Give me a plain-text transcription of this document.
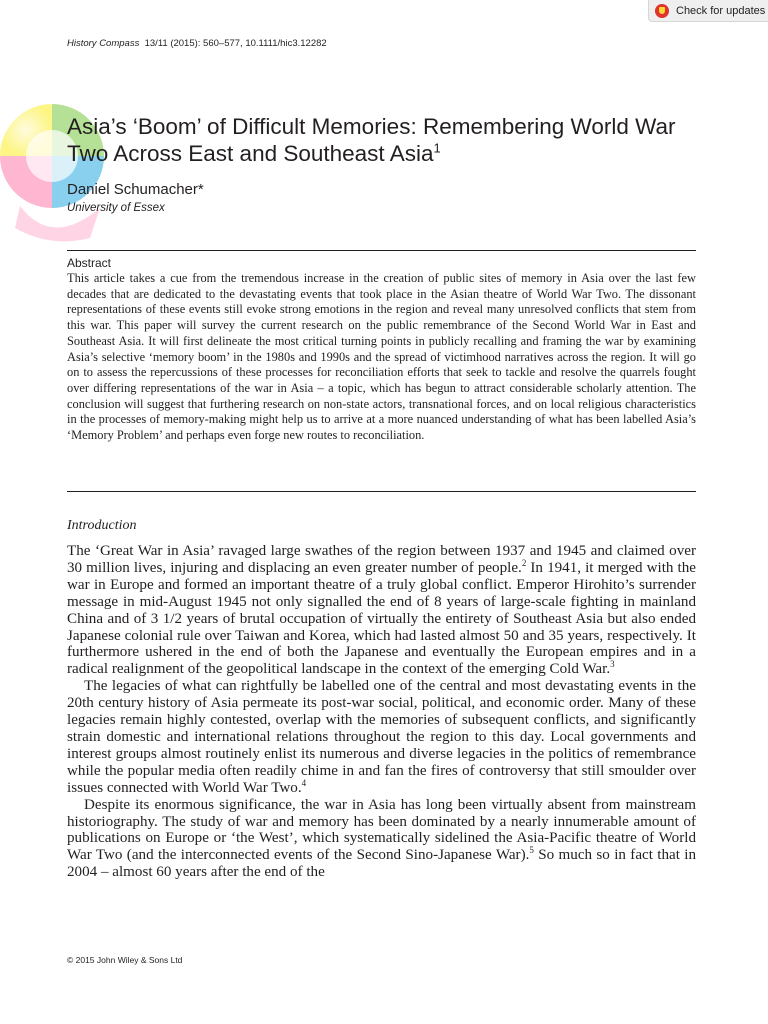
Check for updates
History Compass 13/11 (2015): 560–577, 10.1111/hic3.12282
Asia’s ‘Boom’ of Difficult Memories: Remembering World War Two Across East and Southeast Asia$^1$
Daniel Schumacher*
University of Essex
Abstract

This article takes a cue from the tremendous increase in the creation of public sites of memory in Asia over the last few decades that are dedicated to the devastating events that took place in the Asian theatre of World War Two. The dissonant representations of these events still evoke strong emotions in the region and reveal many unresolved conflicts that stem from this war. This paper will survey the current research on the public remembrance of the Second World War in East and Southeast Asia. It will first delineate the most critical turning points in publicly recalling and framing the war by examining Asia’s selective ‘memory boom’ in the 1980s and 1990s and the spread of victimhood narratives across the region. It will go on to assess the repercussions of these processes for reconciliation efforts that seek to tackle and resolve the quarrels fought over differing representations of the war in Asia – a topic, which has begun to attract considerable scholarly attention. The conclusion will suggest that furthering research on non-state actors, transnational forces, and on local religious characteristics in the processes of memory-making might help us to arrive at a more nuanced understanding of what has been labelled Asia’s ‘Memory Problem’ and perhaps even forge new routes to reconciliation.

Introduction

The ‘Great War in Asia’ ravaged large swathes of the region between 1937 and 1945 and claimed over 30 million lives, injuring and displacing an even greater number of people.$^2$ In 1941, it merged with the war in Europe and formed an important theatre of a truly global conflict. Emperor Hirohito’s surrender message in mid-August 1945 not only signalled the end of 8 years of large-scale fighting in mainland China and of 3 1/2 years of brutal occupation of virtually the entirety of Southeast Asia but also ended Japanese colonial rule over Taiwan and Korea, which had lasted almost 50 and 35 years, respectively. It furthermore ushered in the end of both the Japanese and eventually the European empires and in a radical realignment of the geopolitical landscape in the context of the emerging Cold War.$^3$

The legacies of what can rightfully be labelled one of the central and most devastating events in the 20th century history of Asia permeate its post-war social, political, and economic order. Many of these legacies remain highly contested, overlap with the memories of subsequent conflicts, and significantly strain domestic and international relations throughout the region to this day. Local governments and interest groups almost routinely enlist its numerous and diverse legacies in the politics of remembrance while the popular media often readily chime in and fan the fires of controversy that still smoulder over issues connected with World War Two.$^4$

Despite its enormous significance, the war in Asia has long been virtually absent from mainstream historiography. The study of war and memory has been dominated by a nearly innumerable amount of publications on Europe or ‘the West’, which systematically sidelined the Asia-Pacific theatre of World War Two (and the interconnected events of the Second Sino-Japanese War).$^5$ So much so in fact that in 2004 – almost 60 years after the end of the

© 2015 John Wiley & Sons Ltd
